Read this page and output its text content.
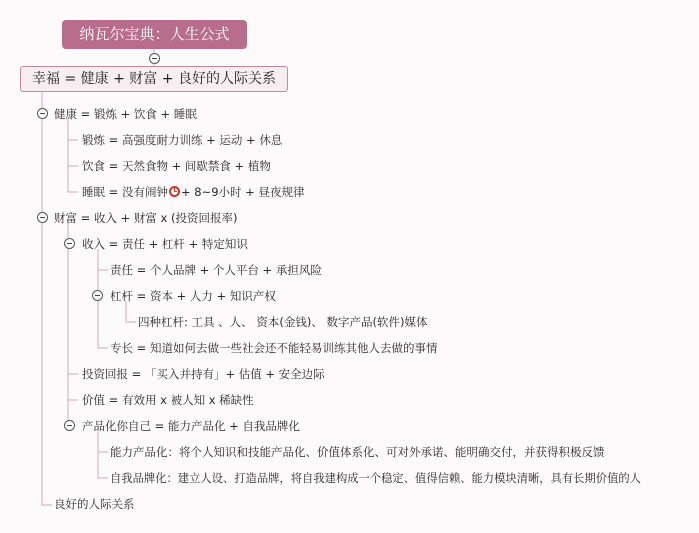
纳瓦尔宝典：人生公式
幸福 = 健康 + 财富 + 良好的人际关系
健康 = 锻炼 + 饮食 + 睡眠
锻炼 = 高强度耐力训练 + 运动 + 休息
饮食 = 天然食物 + 间歇禁食 + 植物
睡眠 = 没有闹钟 + 8~9小时 + 昼夜规律
财富 = 收入 + 财富 x (投资回报率)
收入 = 责任 + 杠杆 + 特定知识
责任 = 个人品牌 + 个人平台 + 承担风险
杠杆 = 资本 + 人力 + 知识产权
四种杠杆: 工具 、人、 资本(金钱)、 数字产品(软件)媒体
专长 = 知道如何去做一些社会还不能轻易训练其他人去做的事情
投资回报 = 「买入并持有」+ 估值 + 安全边际
价值 = 有效用 x 被人知 x 稀缺性
产品化你自己 = 能力产品化 + 自我品牌化
能力产品化：将个人知识和技能产品化、价值体系化、可对外承诺、能明确交付，并获得积极反馈
自我品牌化：建立人设、打造品牌，将自我建构成一个稳定、值得信赖、能力模块清晰，具有长期价值的人
良好的人际关系
